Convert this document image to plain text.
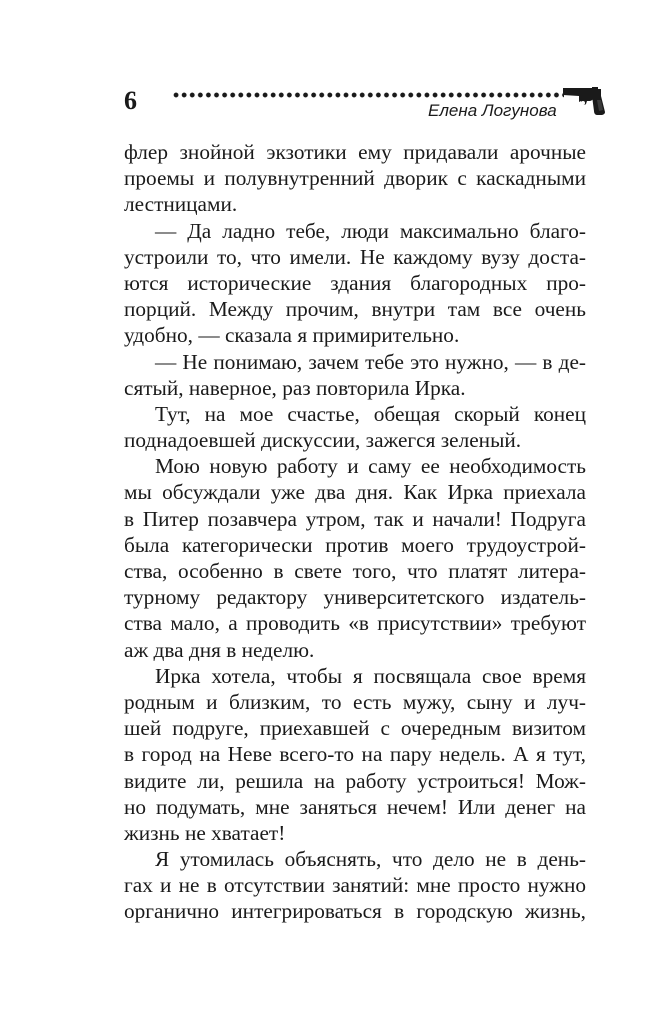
6	Елена Логунова
флер знойной экзотики ему придавали арочные
проемы и полувнутренний дворик с каскадными
лестницами.
— Да ладно тебе, люди максимально благо-
устроили то, что имели. Не каждому вузу доста-
ются исторические здания благородных про-
порций. Между прочим, внутри там все очень
удобно, — сказала я примирительно.
— Не понимаю, зачем тебе это нужно, — в де-
сятый, наверное, раз повторила Ирка.
Тут, на мое счастье, обещая скорый конец
поднадоевшей дискуссии, зажегся зеленый.
Мою новую работу и саму ее необходимость
мы обсуждали уже два дня. Как Ирка приехала
в Питер позавчера утром, так и начали! Подруга
была категорически против моего трудоустрой-
ства, особенно в свете того, что платят литера-
турному редактору университетского издатель-
ства мало, а проводить «в присутствии» требуют
аж два дня в неделю.
Ирка хотела, чтобы я посвящала свое время
родным и близким, то есть мужу, сыну и луч-
шей подруге, приехавшей с очередным визитом
в город на Неве всего-то на пару недель. А я тут,
видите ли, решила на работу устроиться! Мож-
но подумать, мне заняться нечем! Или денег на
жизнь не хватает!
Я утомилась объяснять, что дело не в день-
гах и не в отсутствии занятий: мне просто нужно
органично интегрироваться в городскую жизнь,
